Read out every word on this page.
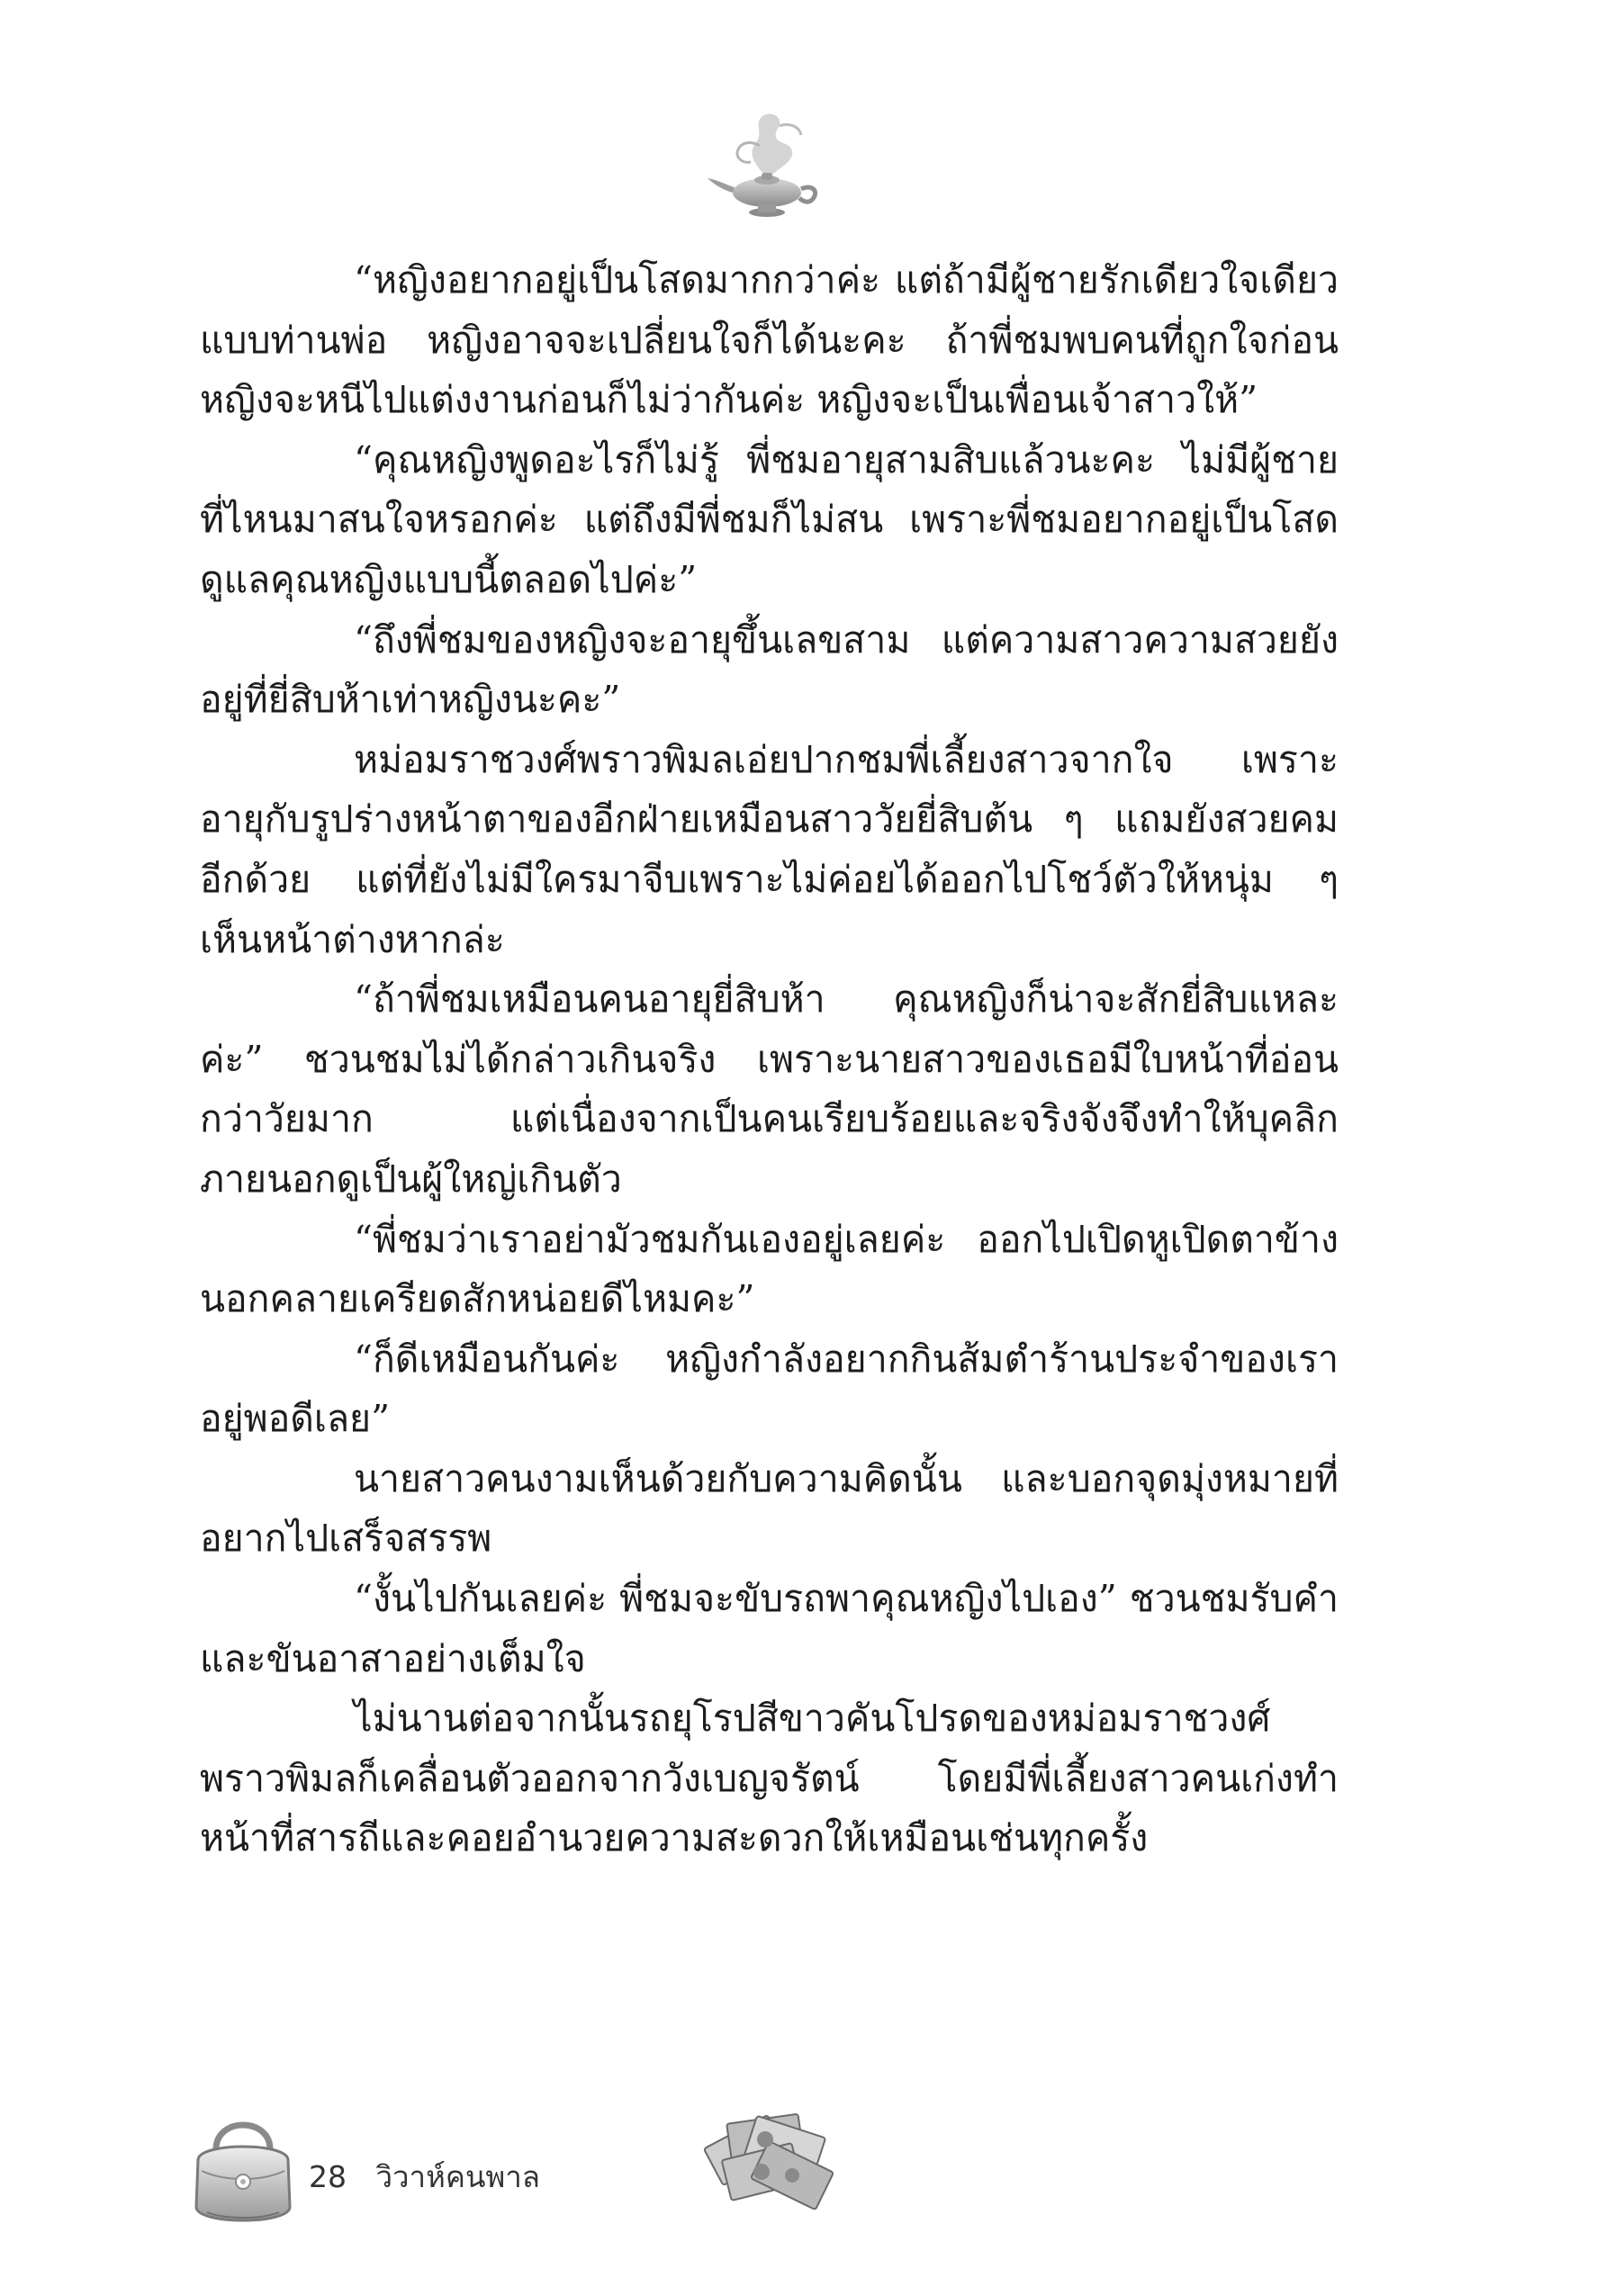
“หญิงอยากอยู่เป็นโสดมากกว่าค่ะ แต่ถ้ามีผู้ชายรักเดียวใจเดียวแบบท่านพ่อ หญิงอาจจะเปลี่ยนใจก็ได้นะคะ ถ้าพี่ชมพบคนที่ถูกใจก่อนหญิงจะหนีไปแต่งงานก่อนก็ไม่ว่ากันค่ะ หญิงจะเป็นเพื่อนเจ้าสาวให้”

“คุณหญิงพูดอะไรก็ไม่รู้ พี่ชมอายุสามสิบแล้วนะคะ ไม่มีผู้ชายที่ไหนมาสนใจหรอกค่ะ แต่ถึงมีพี่ชมก็ไม่สน เพราะพี่ชมอยากอยู่เป็นโสดดูแลคุณหญิงแบบนี้ตลอดไปค่ะ”

“ถึงพี่ชมของหญิงจะอายุขึ้นเลขสาม แต่ความสาวความสวยยังอยู่ที่ยี่สิบห้าเท่าหญิงนะคะ”

หม่อมราชวงศ์พราวพิมลเอ่ยปากชมพี่เลี้ยงสาวจากใจ เพราะอายุกับรูปร่างหน้าตาของอีกฝ่ายเหมือนสาววัยยี่สิบต้น ๆ แถมยังสวยคมอีกด้วย แต่ที่ยังไม่มีใครมาจีบเพราะไม่ค่อยได้ออกไปโชว์ตัวให้หนุ่ม ๆ เห็นหน้าต่างหากล่ะ

“ถ้าพี่ชมเหมือนคนอายุยี่สิบห้า คุณหญิงก็น่าจะสักยี่สิบแหละค่ะ” ชวนชมไม่ได้กล่าวเกินจริง เพราะนายสาวของเธอมีใบหน้าที่อ่อนกว่าวัยมาก แต่เนื่องจากเป็นคนเรียบร้อยและจริงจังจึงทำให้บุคลิกภายนอกดูเป็นผู้ใหญ่เกินตัว

“พี่ชมว่าเราอย่ามัวชมกันเองอยู่เลยค่ะ ออกไปเปิดหูเปิดตาข้างนอกคลายเครียดสักหน่อยดีไหมคะ”

“ก็ดีเหมือนกันค่ะ หญิงกำลังอยากกินส้มตำร้านประจำของเราอยู่พอดีเลย”

นายสาวคนงามเห็นด้วยกับความคิดนั้น และบอกจุดมุ่งหมายที่อยากไปเสร็จสรรพ

“งั้นไปกันเลยค่ะ พี่ชมจะขับรถพาคุณหญิงไปเอง” ชวนชมรับคำและขันอาสาอย่างเต็มใจ

ไม่นานต่อจากนั้นรถยุโรปสีขาวคันโปรดของหม่อมราชวงศ์พราวพิมลก็เคลื่อนตัวออกจากวังเบญจรัตน์ โดยมีพี่เลี้ยงสาวคนเก่งทำหน้าที่สารถีและคอยอำนวยความสะดวกให้เหมือนเช่นทุกครั้ง

28 วิวาห์คนพาล
